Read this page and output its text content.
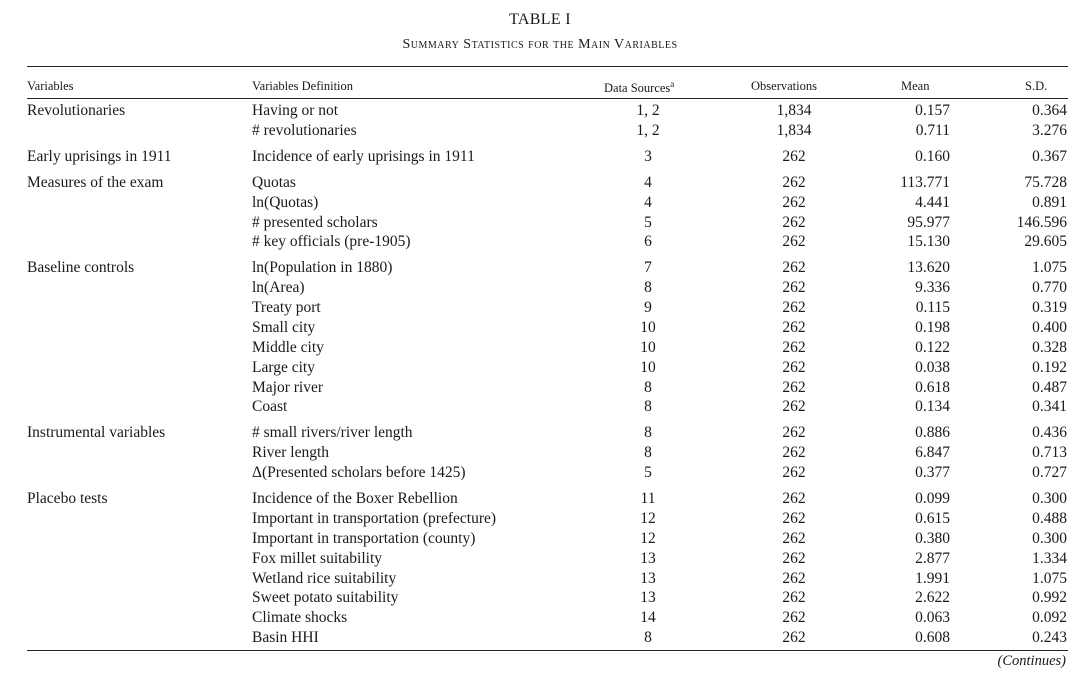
TABLE I
Summary Statistics for the Main Variables
Variables	Variables Definition	Data Sources$^a$	Observations	Mean	S.D.
Revolutionaries	Having or not	1, 2	1,834	0.157	0.364	
	# revolutionaries	1, 2	1,834	0.711	3.276	
Early uprisings in 1911	Incidence of early uprisings in 1911	3	262	0.160	0.367	
Measures of the exam	Quotas	4	262	113.771	75.728	
	ln(Quotas)	4	262	4.441	0.891	
	# presented scholars	5	262	95.977	146.596	
	# key officials (pre-1905)	6	262	15.130	29.605	
Baseline controls	ln(Population in 1880)	7	262	13.620	1.075	
	ln(Area)	8	262	9.336	0.770	
	Treaty port	9	262	0.115	0.319	
	Small city	10	262	0.198	0.400	
	Middle city	10	262	0.122	0.328	
	Large city	10	262	0.038	0.192	
	Major river	8	262	0.618	0.487	
	Coast	8	262	0.134	0.341	
Instrumental variables	# small rivers/river length	8	262	0.886	0.436	
	River length	8	262	6.847	0.713	
	Δ(Presented scholars before 1425)	5	262	0.377	0.727	
Placebo tests	Incidence of the Boxer Rebellion	11	262	0.099	0.300	
	Important in transportation (prefecture)	12	262	0.615	0.488	
	Important in transportation (county)	12	262	0.380	0.300	
	Fox millet suitability	13	262	2.877	1.334	
	Wetland rice suitability	13	262	1.991	1.075	
	Sweet potato suitability	13	262	2.622	0.992	
	Climate shocks	14	262	0.063	0.092	
	Basin HHI	8	262	0.608	0.243	
(Continues)
